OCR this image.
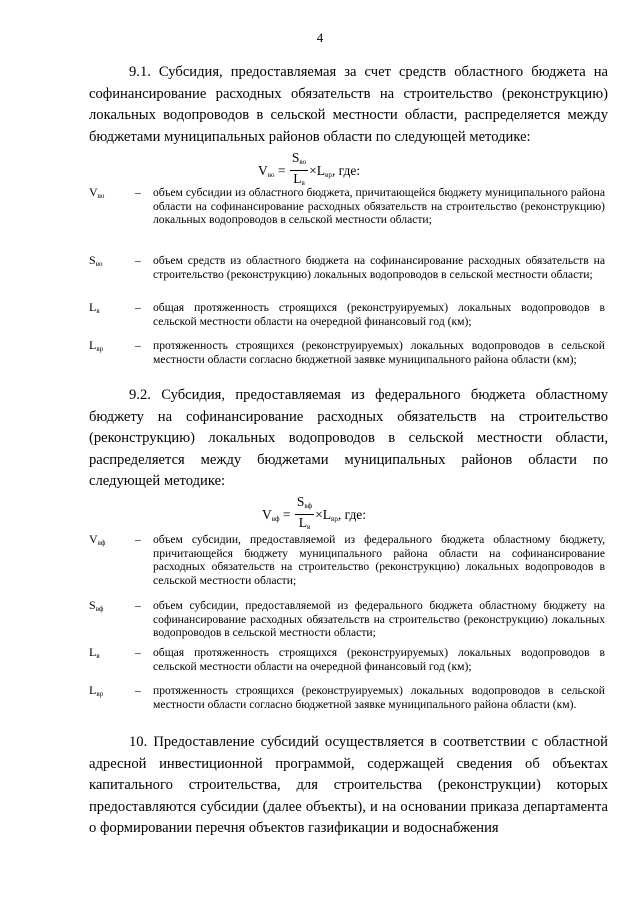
4

9.1. Субсидия, предоставляемая за счет средств областного бюджета на софинансирование расходных обязательств на строительство (реконструкцию) локальных водопроводов в сельской местности области, распределяется между бюджетами муниципальных районов области по следующей методике:

$V_{во} = \frac{S_{во}}{L_в} \times L_{вр}$ , где:
$V_{во}$	– объем субсидии из областного бюджета, причитающейся бюджету муниципального района области на софинансирование расходных обязательств на строительство (реконструкцию) локальных водопроводов в сельской местности области;
$S_{во}$	– объем средств из областного бюджета на софинансирование расходных обязательств на строительство (реконструкцию) локальных водопроводов в сельской местности области;
$L_в$	– общая протяженность строящихся (реконструируемых) локальных водопроводов в сельской местности области на очередной финансовый год (км);
$L_{вр}$	– протяженность строящихся (реконструируемых) локальных водопроводов в сельской местности области согласно бюджетной заявке муниципального района области (км);

9.2. Субсидия, предоставляемая из федерального бюджета областному бюджету на софинансирование расходных обязательств на строительство (реконструкцию) локальных водопроводов в сельской местности области, распределяется между бюджетами муниципальных районов области по следующей методике:

$V_{вф} = \frac{S_{вф}}{L_в} \times L_{вр}$ , где:
$V_{вф}$	– объем субсидии, предоставляемой из федерального бюджета областному бюджету, причитающейся бюджету муниципального района области на софинансирование расходных обязательств на строительство (реконструкцию) локальных водопроводов в сельской местности области;
$S_{вф}$	– объем субсидии, предоставляемой из федерального бюджета областному бюджету на софинансирование расходных обязательств на строительство (реконструкцию) локальных водопроводов в сельской местности области;
$L_в$	– общая протяженность строящихся (реконструируемых) локальных водопроводов в сельской местности области на очередной финансовый год (км);
$L_{вр}$	– протяженность строящихся (реконструируемых) локальных водопроводов в сельской местности области согласно бюджетной заявке муниципального района области (км).

10. Предоставление субсидий осуществляется в соответствии с областной адресной инвестиционной программой, содержащей сведения об объектах капитального строительства, для строительства (реконструкции) которых предоставляются субсидии (далее объекты), и на основании приказа департамента о формировании перечня объектов газификации и водоснабжения
